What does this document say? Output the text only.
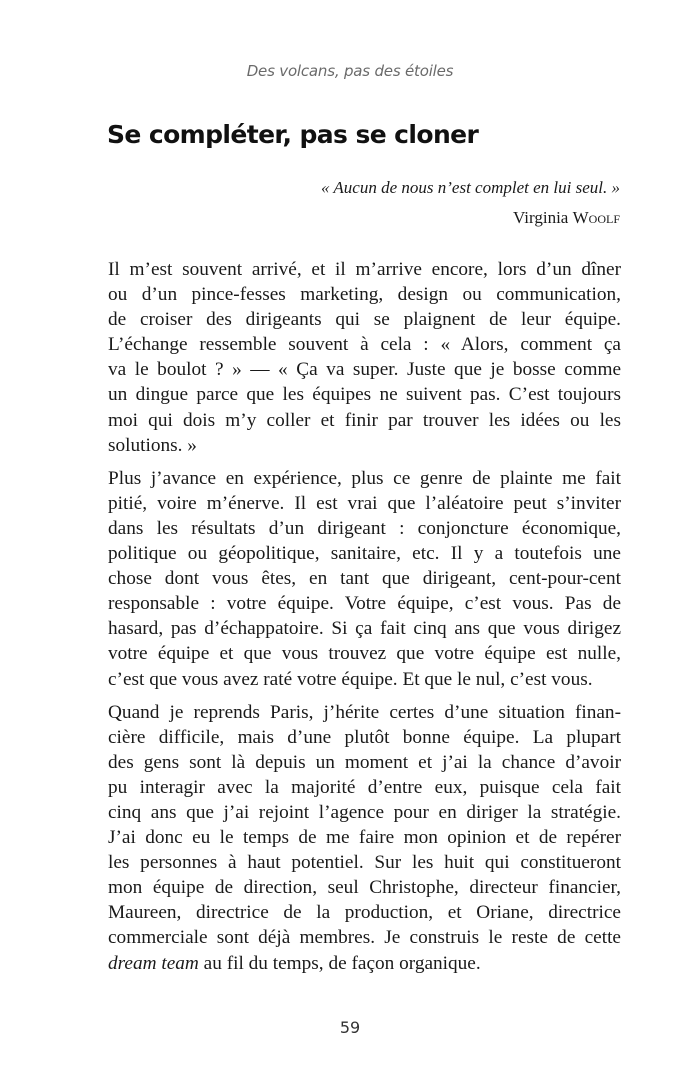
Des volcans, pas des étoiles
Se compléter, pas se cloner
« Aucun de nous n’est complet en lui seul. »
Virginia Woolf

Il m’est souvent arrivé, et il m’arrive encore, lors d’un dîner
ou d’un pince-fesses marketing, design ou communication,
de croiser des dirigeants qui se plaignent de leur équipe.
L’échange ressemble souvent à cela : « Alors, comment ça
va le boulot ? » — « Ça va super. Juste que je bosse comme
un dingue parce que les équipes ne suivent pas. C’est toujours
moi qui dois m’y coller et finir par trouver les idées ou les
solutions. »

Plus j’avance en expérience, plus ce genre de plainte me fait
pitié, voire m’énerve. Il est vrai que l’aléatoire peut s’inviter
dans les résultats d’un dirigeant : conjoncture économique,
politique ou géopolitique, sanitaire, etc. Il y a toutefois une
chose dont vous êtes, en tant que dirigeant, cent-pour-cent
responsable : votre équipe. Votre équipe, c’est vous. Pas de
hasard, pas d’échappatoire. Si ça fait cinq ans que vous dirigez
votre équipe et que vous trouvez que votre équipe est nulle,
c’est que vous avez raté votre équipe. Et que le nul, c’est vous.

Quand je reprends Paris, j’hérite certes d’une situation finan-
cière difficile, mais d’une plutôt bonne équipe. La plupart
des gens sont là depuis un moment et j’ai la chance d’avoir
pu interagir avec la majorité d’entre eux, puisque cela fait
cinq ans que j’ai rejoint l’agence pour en diriger la stratégie.
J’ai donc eu le temps de me faire mon opinion et de repérer
les personnes à haut potentiel. Sur les huit qui constitueront
mon équipe de direction, seul Christophe, directeur financier,
Maureen, directrice de la production, et Oriane, directrice
commerciale sont déjà membres. Je construis le reste de cette
dream team au fil du temps, de façon organique.

59
